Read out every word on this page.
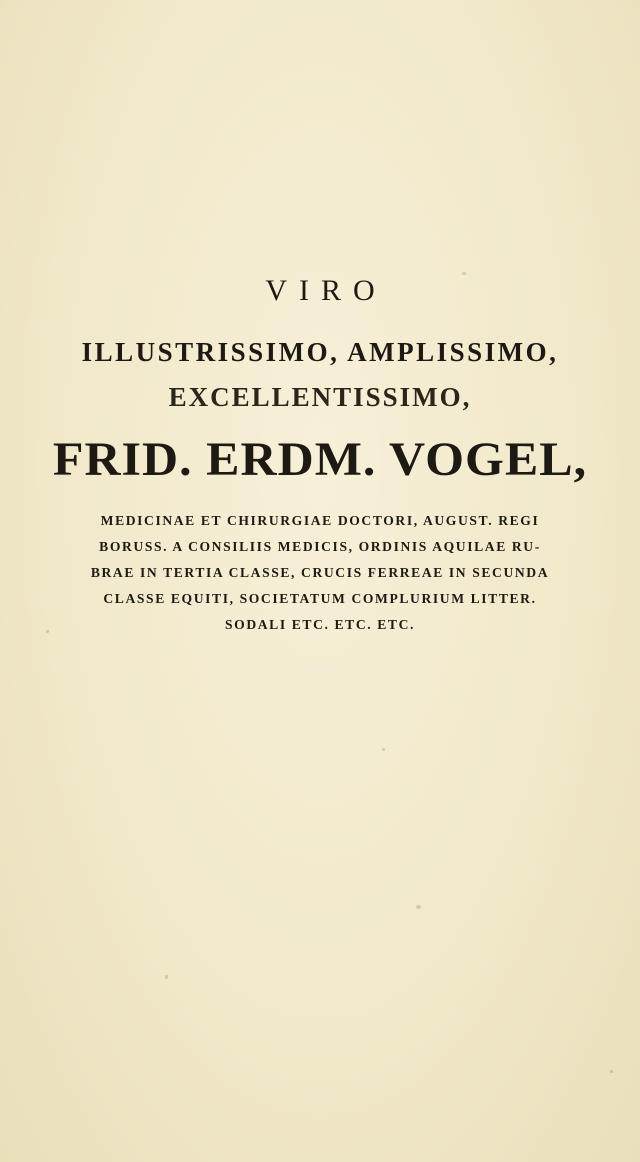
VIRO
ILLUSTRISSIMO, AMPLISSIMO,
EXCELLENTISSIMO,
FRID. ERDM. VOGEL,
MEDICINAE ET CHIRURGIAE DOCTORI, AUGUST. REGI
BORUSS. A CONSILIIS MEDICIS, ORDINIS AQUILAE RU-
BRAE IN TERTIA CLASSE, CRUCIS FERREAE IN SECUNDA
CLASSE EQUITI, SOCIETATUM COMPLURIUM LITTER.
SODALI ETC. ETC. ETC.
